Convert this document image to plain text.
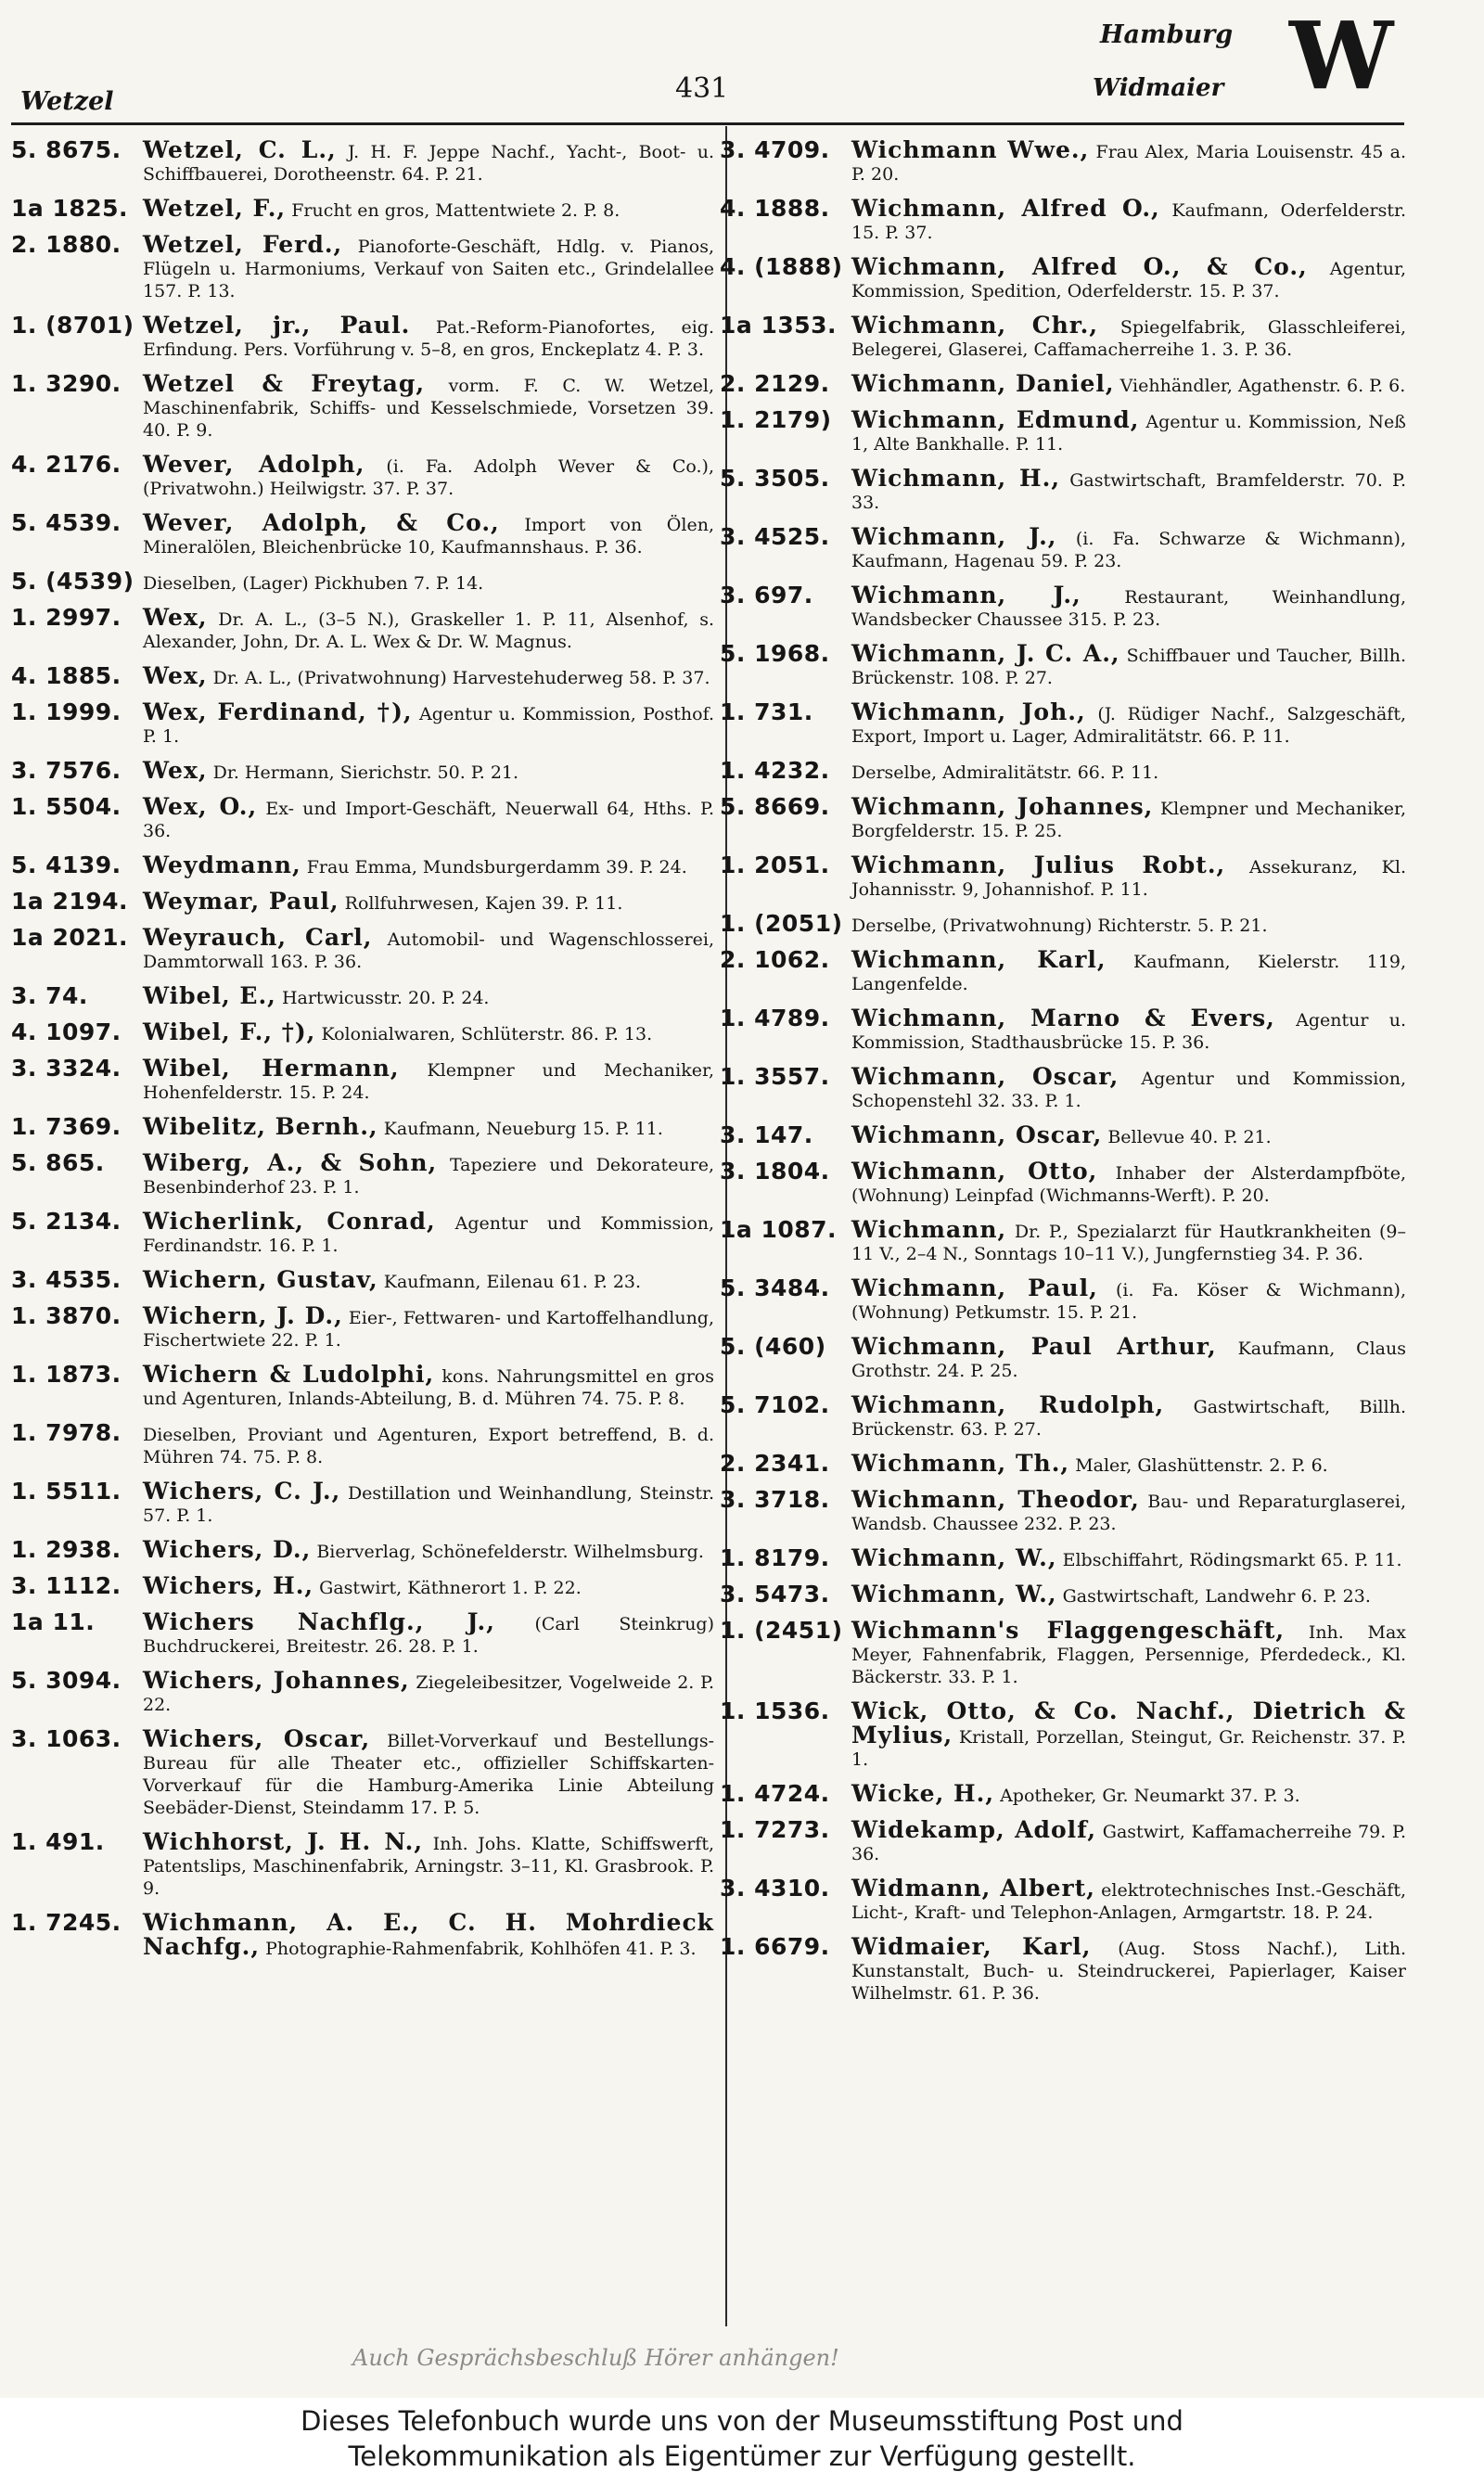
Wetzel	431
Hamburg
Widmaier W
5. 8675. Wetzel, C. L., J. H. F. Jeppe Nachf., Yacht-, Boot- u. Schiffbauerei, Dorotheenstr. 64. P. 21.
1a 1825. Wetzel, F., Frucht en gros, Mattentwiete 2. P. 8.
2. 1880. Wetzel, Ferd., Pianoforte-Geschäft, Hdlg. v. Pianos, Flügeln u. Harmoniums, Verkauf von Saiten etc., Grindelallee 157. P. 13.
1. (8701) Wetzel, jr., Paul. Pat.-Reform-Pianofortes, eig. Erfindung. Pers. Vorführung v. 5–8, en gros, Enckeplatz 4. P. 3.
1. 3290. Wetzel & Freytag, vorm. F. C. W. Wetzel, Maschinenfabrik, Schiffs- und Kesselschmiede, Vorsetzen 39. 40. P. 9.
4. 2176. Wever, Adolph, (i. Fa. Adolph Wever & Co.), (Privatwohn.) Heilwigstr. 37. P. 37.
5. 4539. Wever, Adolph, & Co., Import von Ölen, Mineralölen, Bleichenbrücke 10, Kaufmannshaus. P. 36.
5. (4539) Dieselben, (Lager) Pickhuben 7. P. 14.
1. 2997. Wex, Dr. A. L., (3–5 N.), Graskeller 1. P. 11, Alsenhof, s. Alexander, John, Dr. A. L. Wex & Dr. W. Magnus.
4. 1885. Wex, Dr. A. L., (Privatwohnung) Harvestehuderweg 58. P. 37.
1. 1999. Wex, Ferdinand, †), Agentur u. Kommission, Posthof. P. 1.
3. 7576. Wex, Dr. Hermann, Sierichstr. 50. P. 21.
1. 5504. Wex, O., Ex- und Import-Geschäft, Neuerwall 64, Hths. P. 36.
5. 4139. Weydmann, Frau Emma, Mundsburgerdamm 39. P. 24.
1a 2194. Weymar, Paul, Rollfuhrwesen, Kajen 39. P. 11.
1a 2021. Weyrauch, Carl, Automobil- und Wagenschlosserei, Dammtorwall 163. P. 36.
3. 74.	Wibel, E., Hartwicusstr. 20. P. 24.
4. 1097. Wibel, F., †), Kolonialwaren, Schlüterstr. 86. P. 13.
3. 3324. Wibel, Hermann, Klempner und Mechaniker, Hohenfelderstr. 15. P. 24.
1. 7369. Wibelitz, Bernh., Kaufmann, Neueburg 15. P. 11.
5. 865.	Wiberg, A., & Sohn, Tapeziere und Dekorateure, Besenbinderhof 23. P. 1.
5. 2134. Wicherlink, Conrad, Agentur und Kommission, Ferdinandstr. 16. P. 1.
3. 4535. Wichern, Gustav, Kaufmann, Eilenau 61. P. 23.
1. 3870. Wichern, J. D., Eier-, Fettwaren- und Kartoffelhandlung, Fischertwiete 22. P. 1.
1. 1873. Wichern & Ludolphi, kons. Nahrungsmittel en gros und Agenturen, Inlands-Abteilung, B. d. Mühren 74. 75. P. 8.
1. 7978.	Dieselben, Proviant und Agenturen, Export betreffend, B. d. Mühren 74. 75. P. 8.
1. 5511. Wichers, C. J., Destillation und Weinhandlung, Steinstr. 57. P. 1.
1. 2938. Wichers, D., Bierverlag, Schönefelderstr. Wilhelmsburg.
3. 1112. Wichers, H., Gastwirt, Käthnerort 1. P. 22.
1a 11.	Wichers Nachflg., J., (Carl Steinkrug) Buchdruckerei, Breitestr. 26. 28. P. 1.
5. 3094. Wichers, Johannes, Ziegeleibesitzer, Vogelweide 2. P. 22.
3. 1063. Wichers, Oscar, Billet-Vorverkauf und Bestellungs-Bureau für alle Theater etc., offizieller Schiffskarten-Vorverkauf für die Hamburg-Amerika Linie Abteilung Seebäder-Dienst, Steindamm 17. P. 5.
1. 491.	Wichhorst, J. H. N., Inh. Johs. Klatte, Schiffswerft, Patentslips, Maschinenfabrik, Arningstr. 3–11, Kl. Grasbrook. P. 9.
1. 7245. Wichmann, A. E., C. H. Mohrdieck Nachfg., Photographie-Rahmenfabrik, Kohlhöfen 41. P. 3.
3. 4709. Wichmann Wwe., Frau Alex, Maria Louisenstr. 45 a. P. 20.
4. 1888. Wichmann, Alfred O., Kaufmann, Oderfelderstr. 15. P. 37.
4. (1888) Wichmann, Alfred O., & Co., Agentur, Kommission, Spedition, Oderfelderstr. 15. P. 37.
1a 1353. Wichmann, Chr., Spiegelfabrik, Glasschleiferei, Belegerei, Glaserei, Caffamacherreihe 1. 3. P. 36.
2. 2129. Wichmann, Daniel, Viehhändler, Agathenstr. 6. P. 6.
1. 2179) Wichmann, Edmund, Agentur u. Kommission, Neß 1, Alte Bankhalle. P. 11.
5. 3505. Wichmann, H., Gastwirtschaft, Bramfelderstr. 70. P. 33.
3. 4525. Wichmann, J., (i. Fa. Schwarze & Wichmann), Kaufmann, Hagenau 59. P. 23.
3. 697.	Wichmann, J., Restaurant, Weinhandlung, Wandsbecker Chaussee 315. P. 23.
5. 1968. Wichmann, J. C. A., Schiffbauer und Taucher, Billh. Brückenstr. 108. P. 27.
1. 731.	Wichmann, Joh., (J. Rüdiger Nachf., Salzgeschäft, Export, Import u. Lager, Admiralitätstr. 66. P. 11.
1. 4232.	Derselbe, Admiralitätstr. 66. P. 11.
5. 8669. Wichmann, Johannes, Klempner und Mechaniker, Borgfelderstr. 15. P. 25.
1. 2051. Wichmann, Julius Robt., Assekuranz, Kl. Johannisstr. 9, Johannishof. P. 11.
1. (2051) Derselbe, (Privatwohnung) Richterstr. 5. P. 21.
2. 1062. Wichmann, Karl, Kaufmann, Kielerstr. 119, Langenfelde.
1. 4789. Wichmann, Marno & Evers, Agentur u. Kommission, Stadthausbrücke 15. P. 36.
1. 3557. Wichmann, Oscar, Agentur und Kommission, Schopenstehl 32. 33. P. 1.
3. 147.	Wichmann, Oscar, Bellevue 40. P. 21.
3. 1804. Wichmann, Otto, Inhaber der Alsterdampfböte, (Wohnung) Leinpfad (Wichmanns-Werft). P. 20.
1a 1087. Wichmann, Dr. P., Spezialarzt für Hautkrankheiten (9–11 V., 2–4 N., Sonntags 10–11 V.), Jungfernstieg 34. P. 36.
5. 3484. Wichmann, Paul, (i. Fa. Köser & Wichmann), (Wohnung) Petkumstr. 15. P. 21.
5. (460)	Wichmann, Paul Arthur, Kaufmann, Claus Grothstr. 24. P. 25.
5. 7102. Wichmann, Rudolph, Gastwirtschaft, Billh. Brückenstr. 63. P. 27.
2. 2341. Wichmann, Th., Maler, Glashüttenstr. 2. P. 6.
3. 3718. Wichmann, Theodor, Bau- und Reparaturglaserei, Wandsb. Chaussee 232. P. 23.
1. 8179. Wichmann, W., Elbschiffahrt, Rödingsmarkt 65. P. 11.
3. 5473. Wichmann, W., Gastwirtschaft, Landwehr 6. P. 23.
1. (2451) Wichmann's Flaggengeschäft, Inh. Max Meyer, Fahnenfabrik, Flaggen, Persennige, Pferdedeck., Kl. Bäckerstr. 33. P. 1.
1. 1536. Wick, Otto, & Co. Nachf., Dietrich & Mylius, Kristall, Porzellan, Steingut, Gr. Reichenstr. 37. P. 1.
1. 4724. Wicke, H., Apotheker, Gr. Neumarkt 37. P. 3.
1. 7273. Widekamp, Adolf, Gastwirt, Kaffamacherreihe 79. P. 36.
3. 4310. Widmann, Albert, elektrotechnisches Inst.-Geschäft, Licht-, Kraft- und Telephon-Anlagen, Armgartstr. 18. P. 24.
1. 6679. Widmaier, Karl, (Aug. Stoss Nachf.), Lith. Kunstanstalt, Buch- u. Steindruckerei, Papierlager, Kaiser Wilhelmstr. 61. P. 36.
Auch Gesprächsbeschluß Hörer anhängen!
Dieses Telefonbuch wurde uns von der Museumsstiftung Post und
Telekommunikation als Eigentümer zur Verfügung gestellt.
